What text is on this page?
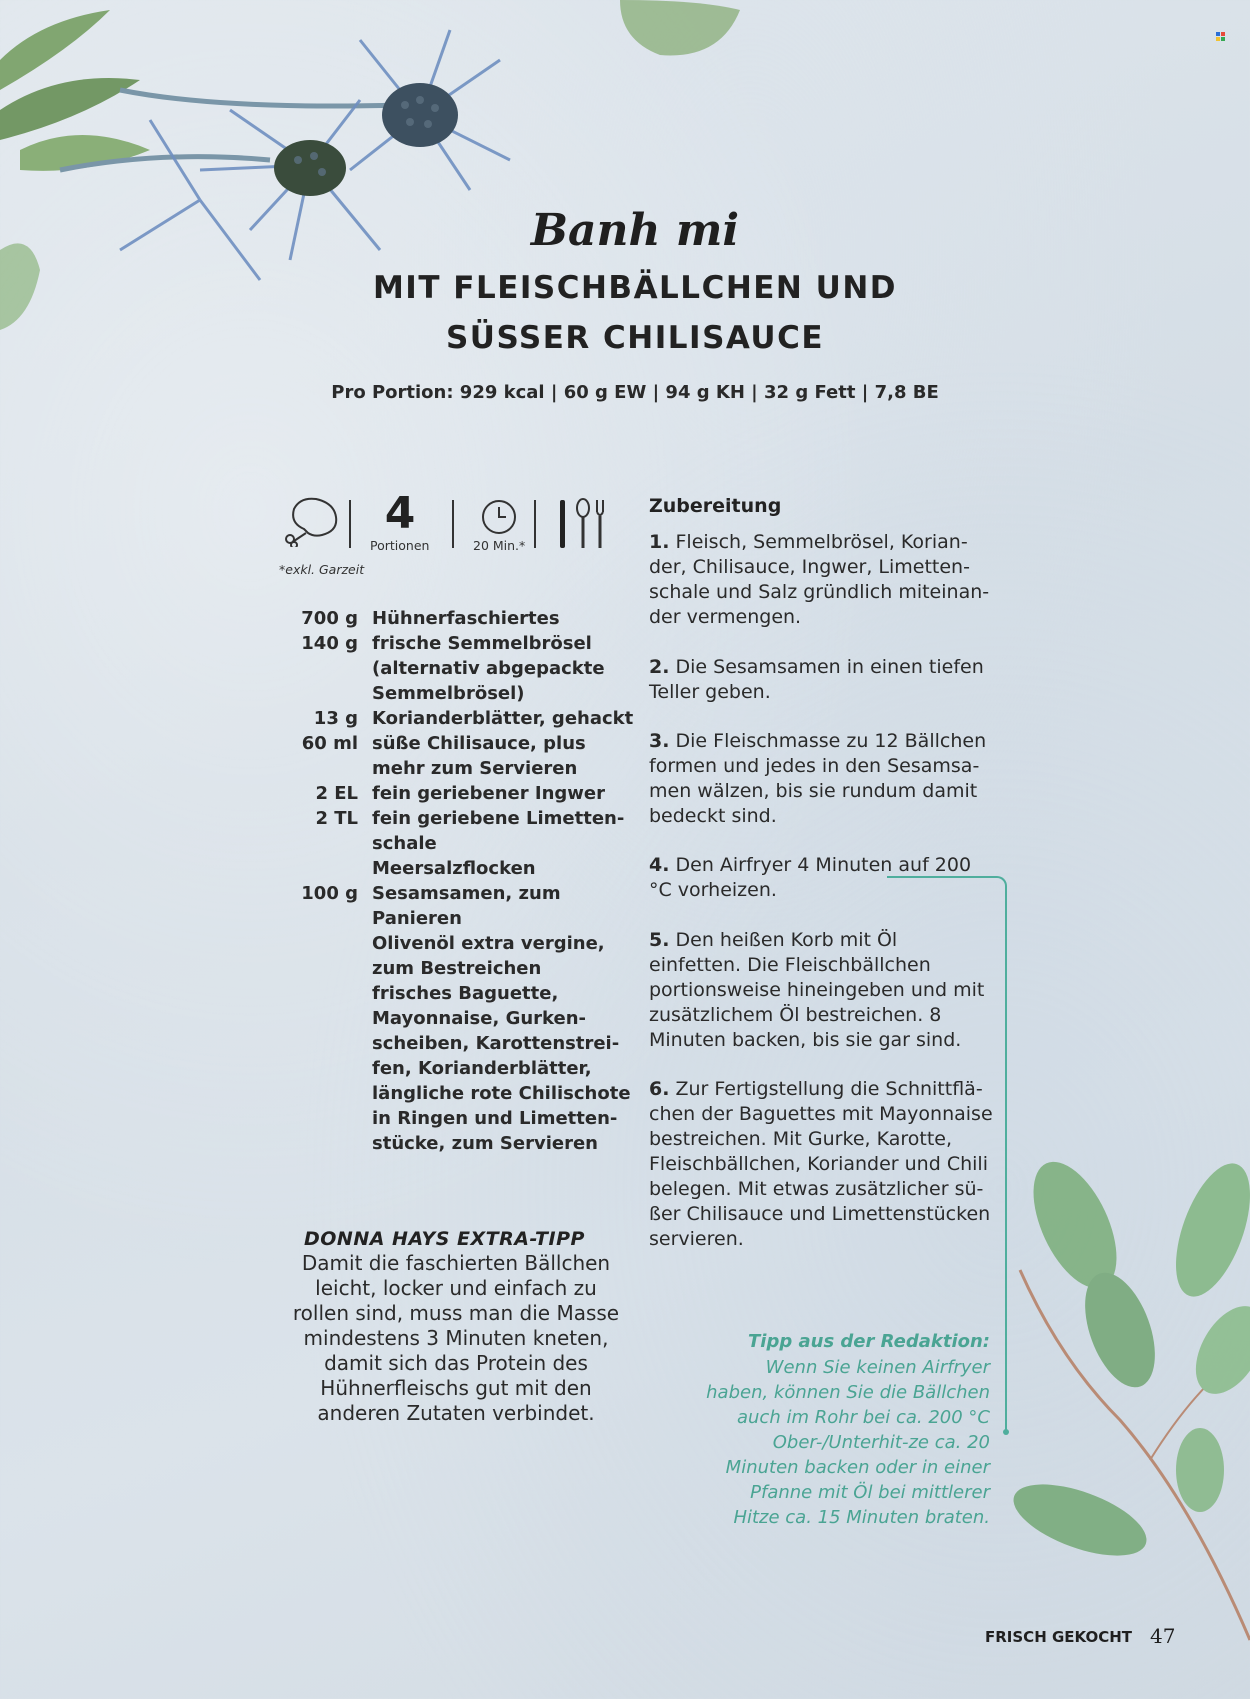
Banh mi
MIT FLEISCHBÄLLCHEN UND
SÜSSER CHILISAUCE
Pro Portion: 929 kcal | 60 g EW | 94 g KH | 32 g Fett | 7,8 BE
4
Portionen	20 Min.*
*exkl. Garzeit
700 g Hühnerfaschiertes
140 g frische Semmelbrösel (alternativ abgepackte Semmelbrösel)
13 g Korianderblätter, gehackt
60 ml süße Chilisauce, plus mehr zum Servieren
2 EL fein geriebener Ingwer
2 TL fein geriebene Limetten-schale
Meersalzflocken
100 g Sesamsamen, zum Panieren
Olivenöl extra vergine, zum Bestreichen
frisches Baguette, Mayonnaise, Gurken-scheiben, Karottenstrei-fen, Korianderblätter, längliche rote Chilischote in Ringen und Limetten-stücke, zum Servieren
DONNA HAYS EXTRA-TIPP
Damit die faschierten Bällchen leicht, locker und einfach zu rollen sind, muss man die Masse mindestens 3 Minuten kneten, damit sich das Protein des Hühnerfleischs gut mit den anderen Zutaten verbindet.
Zubereitung
1. Fleisch, Semmelbrösel, Korian-der, Chilisauce, Ingwer, Limetten-schale und Salz gründlich miteinan-der vermengen.
2. Die Sesamsamen in einen tiefen Teller geben.
3. Die Fleischmasse zu 12 Bällchen formen und jedes in den Sesamsa-men wälzen, bis sie rundum damit bedeckt sind.
4. Den Airfryer 4 Minuten auf 200 °C vorheizen.
5. Den heißen Korb mit Öl einfetten. Die Fleischbällchen portionsweise hineingeben und mit zusätzlichem Öl bestreichen. 8 Minuten backen, bis sie gar sind.
6. Zur Fertigstellung die Schnittflä-chen der Baguettes mit Mayonnaise bestreichen. Mit Gurke, Karotte, Fleischbällchen, Koriander und Chili belegen. Mit etwas zusätzlicher sü-ßer Chilisauce und Limettenstücken servieren.
Tipp aus der Redaktion:
Wenn Sie keinen Airfryer haben, können Sie die Bällchen auch im Rohr bei ca. 200 °C Ober-/Unterhit-ze ca. 20 Minuten backen oder in einer Pfanne mit Öl bei mittlerer Hitze ca. 15 Minuten braten.
FRISCH GEKOCHT 47
